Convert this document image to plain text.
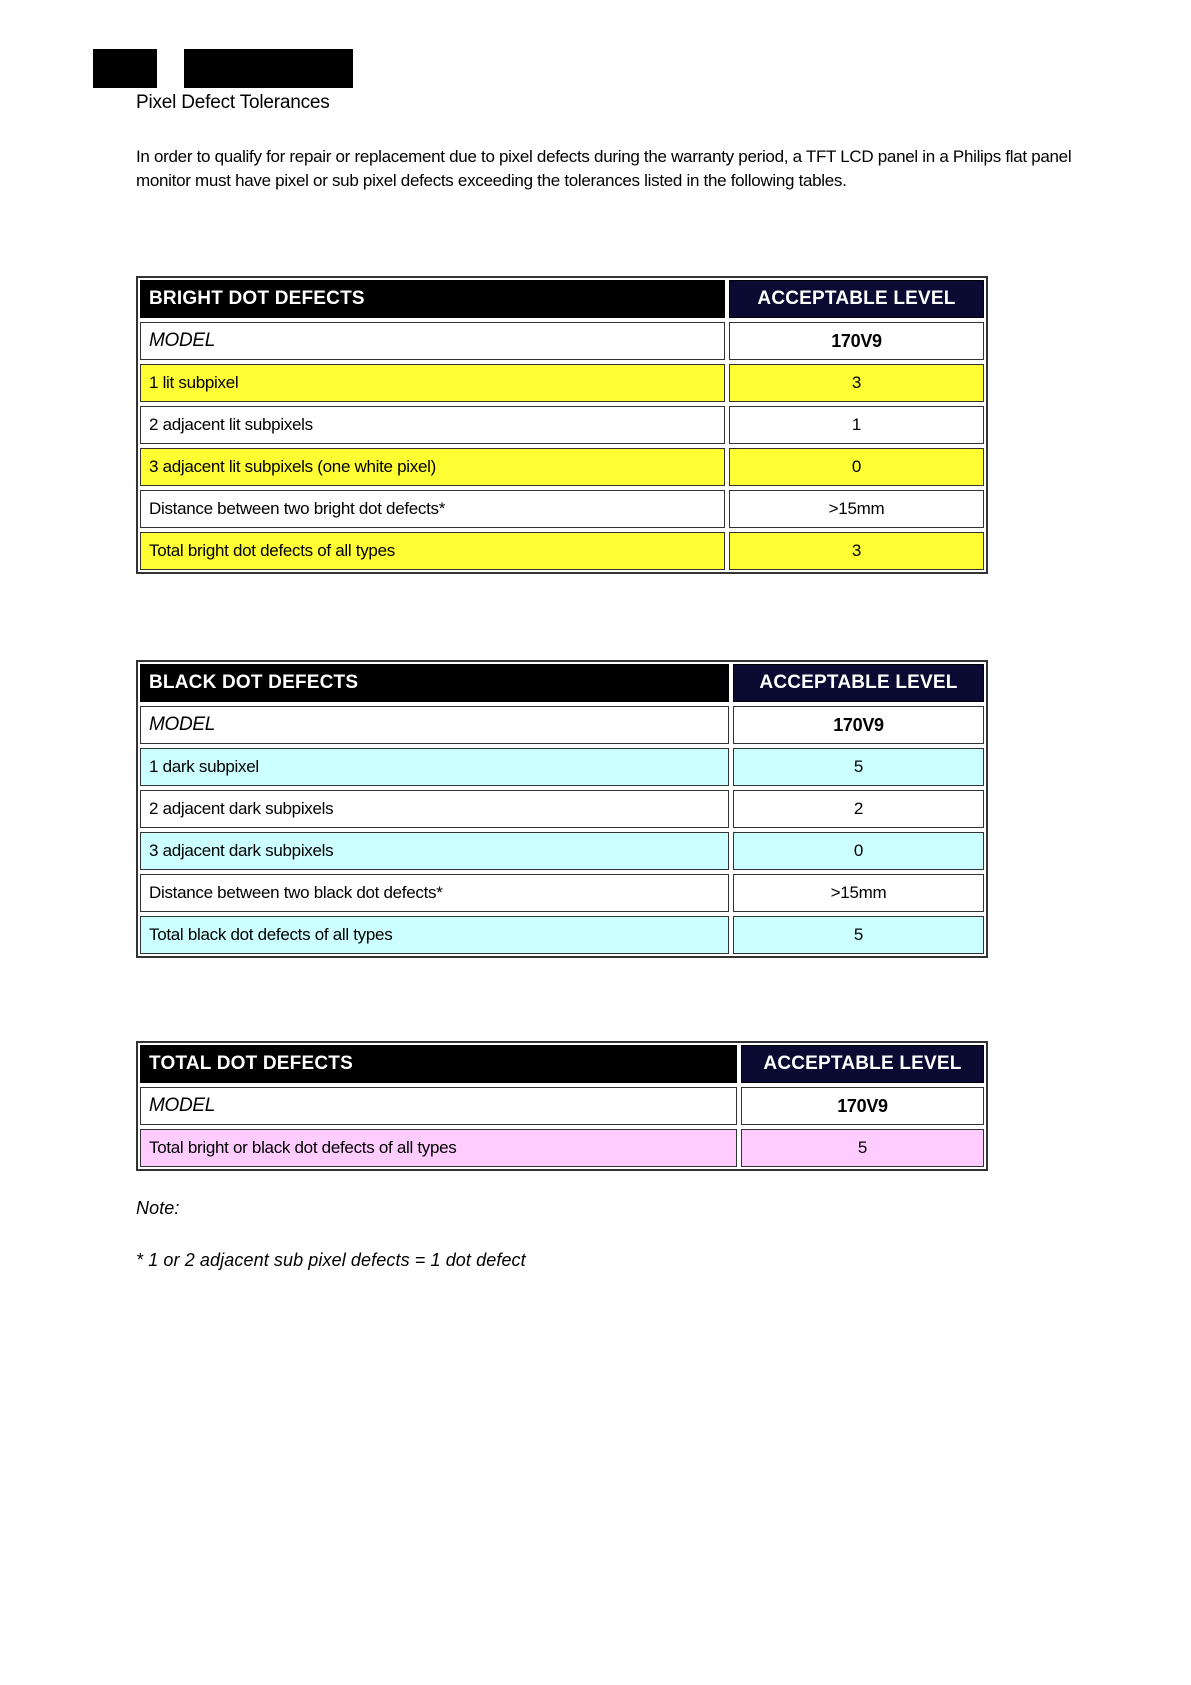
Pixel Defect Tolerances
In order to qualify for repair or replacement due to pixel defects during the warranty period, a TFT LCD panel in a Philips flat panel monitor must have pixel or sub pixel defects exceeding the tolerances listed in the following tables.
BRIGHT DOT DEFECTS	ACCEPTABLE LEVEL
MODEL	170V9
1 lit subpixel	3
2 adjacent lit subpixels	1
3 adjacent lit subpixels (one white pixel)	0
Distance between two bright dot defects*	>15mm
Total bright dot defects of all types	3
BLACK DOT DEFECTS	ACCEPTABLE LEVEL
MODEL	170V9
1 dark subpixel	5
2 adjacent dark subpixels	2
3 adjacent dark subpixels	0
Distance between two black dot defects*	>15mm
Total black dot defects of all types	5
TOTAL DOT DEFECTS	ACCEPTABLE LEVEL
MODEL	170V9
Total bright or black dot defects of all types	5
Note:
* 1 or 2 adjacent sub pixel defects = 1 dot defect
